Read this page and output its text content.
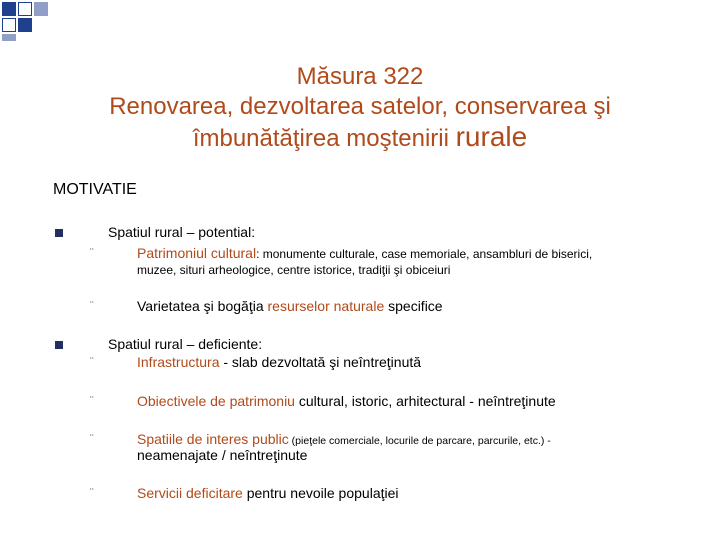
Măsura 322
Renovarea, dezvoltarea satelor, conservarea şi
îmbunătăţirea moştenirii rurale
MOTIVATIE
Spatiul rural – potential:
¨	Patrimoniul cultural: monumente culturale, case memoriale, ansambluri de biserici,
muzee, situri arheologice, centre istorice, tradiţii şi obiceiuri
¨	Varietatea şi bogăţia resurselor naturale specifice
Spatiul rural – deficiente:
¨	Infrastructura - slab dezvoltată şi neîntreţinută
¨	Obiectivele de patrimoniu cultural, istoric, arhitectural - neîntreţinute
¨	Spatiile de interes public (pieţele comerciale, locurile de parcare, parcurile, etc.) -
neamenajate / neîntreţinute
¨	Servicii deficitare pentru nevoile populaţiei
